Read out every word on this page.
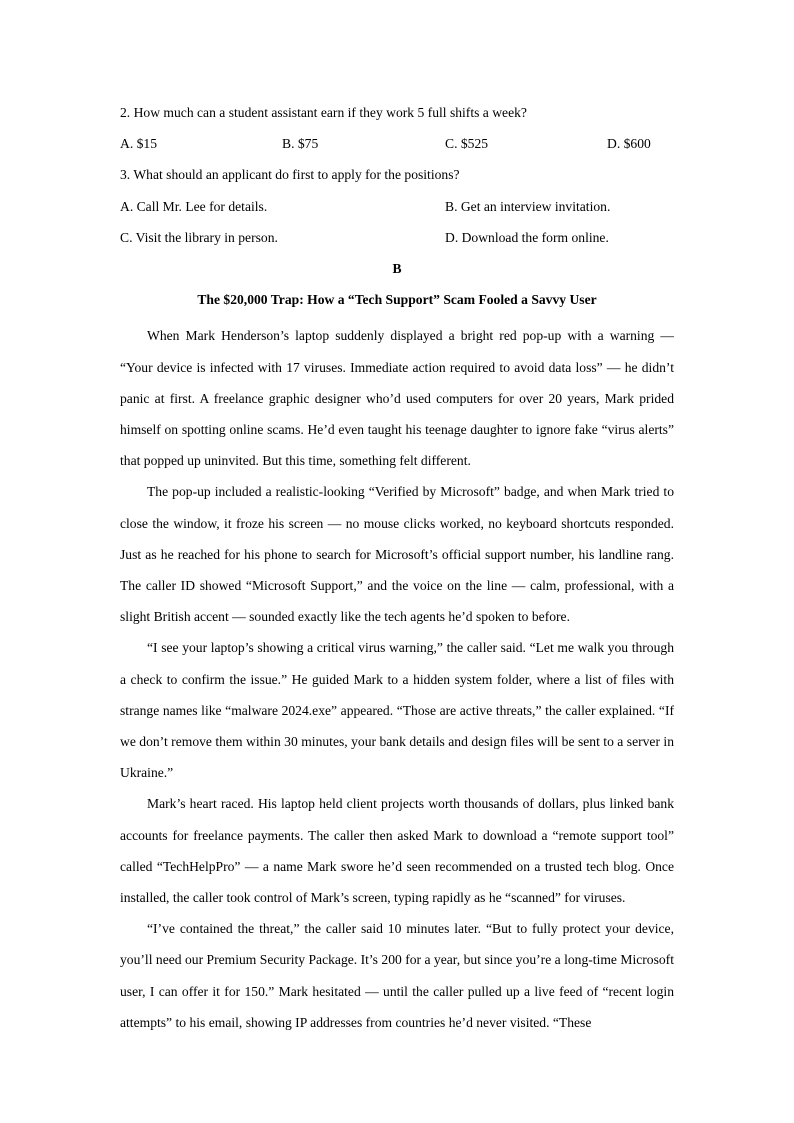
2. How much can a student assistant earn if they work 5 full shifts a week?
A. $15	B. $75	C. $525	D. $600
3. What should an applicant do first to apply for the positions?
A. Call Mr. Lee for details.	B. Get an interview invitation.
C. Visit the library in person.	D. Download the form online.
B
The $20,000 Trap: How a “Tech Support” Scam Fooled a Savvy User

When Mark Henderson’s laptop suddenly displayed a bright red pop-up with a warning — “Your device is infected with 17 viruses. Immediate action required to avoid data loss” — he didn’t panic at first. A freelance graphic designer who’d used computers for over 20 years, Mark prided himself on spotting online scams. He’d even taught his teenage daughter to ignore fake “virus alerts” that popped up uninvited. But this time, something felt different.

The pop-up included a realistic-looking “Verified by Microsoft” badge, and when Mark tried to close the window, it froze his screen — no mouse clicks worked, no keyboard shortcuts responded. Just as he reached for his phone to search for Microsoft’s official support number, his landline rang. The caller ID showed “Microsoft Support,” and the voice on the line — calm, professional, with a slight British accent — sounded exactly like the tech agents he’d spoken to before.

“I see your laptop’s showing a critical virus warning,” the caller said. “Let me walk you through a check to confirm the issue.” He guided Mark to a hidden system folder, where a list of files with strange names like “malware 2024.exe” appeared. “Those are active threats,” the caller explained. “If we don’t remove them within 30 minutes, your bank details and design files will be sent to a server in Ukraine.”

Mark’s heart raced. His laptop held client projects worth thousands of dollars, plus linked bank accounts for freelance payments. The caller then asked Mark to download a “remote support tool” called “TechHelpPro” — a name Mark swore he’d seen recommended on a trusted tech blog. Once installed, the caller took control of Mark’s screen, typing rapidly as he “scanned” for viruses.

“I’ve contained the threat,” the caller said 10 minutes later. “But to fully protect your device, you’ll need our Premium Security Package. It’s 200 for a year, but since you’re a long-time Microsoft user, I can offer it for 150.” Mark hesitated — until the caller pulled up a live feed of “recent login attempts” to his email, showing IP addresses from countries he’d never visited. “These
